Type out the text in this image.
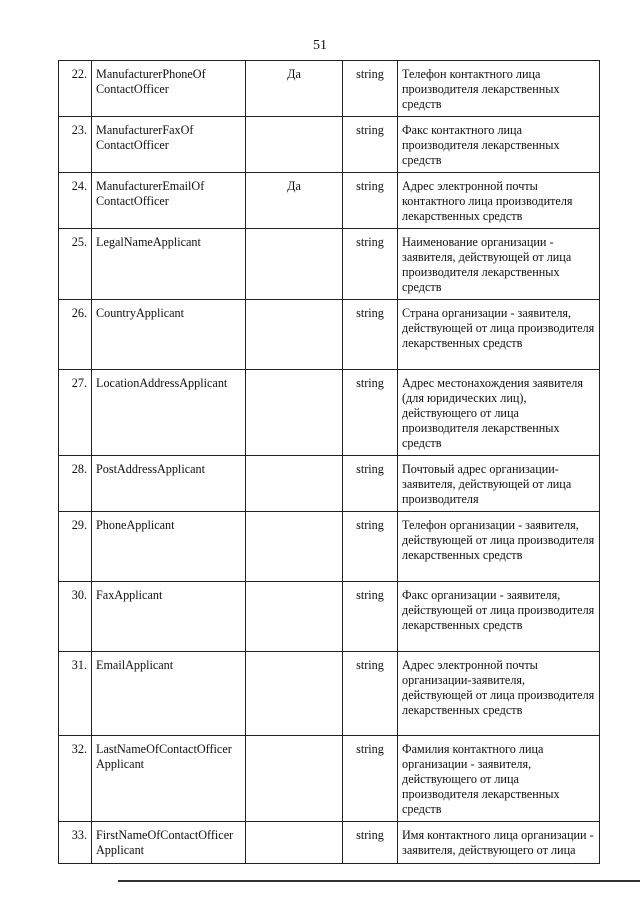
51
22.	ManufacturerPhoneOf ContactOfficer	Да	string	Телефон контактного лица производителя лекарственных средств
23.	ManufacturerFaxOf ContactOfficer		string	Факс контактного лица производителя лекарственных средств
24.	ManufacturerEmailOf ContactOfficer	Да	string	Адрес электронной почты контактного лица производителя лекарственных средств
25.	LegalNameApplicant		string	Наименование организации - заявителя, действующей от лица производителя лекарственных средств
26.	CountryApplicant		string	Страна организации - заявителя, действующей от лица производителя лекарственных средств
27.	LocationAddressApplicant		string	Адрес местонахождения заявителя (для юридических лиц), действующего от лица производителя лекарственных средств
28.	PostAddressApplicant		string	Почтовый адрес организации-заявителя, действующей от лица производителя
29.	PhoneApplicant		string	Телефон организации - заявителя, действующей от лица производителя лекарственных средств
30.	FaxApplicant		string	Факс организации - заявителя, действующей от лица производителя лекарственных средств
31.	EmailApplicant		string	Адрес электронной почты организации-заявителя, действующей от лица производителя лекарственных средств
32.	LastNameOfContactOfficer Applicant		string	Фамилия контактного лица организации - заявителя, действующего от лица производителя лекарственных средств
33.	FirstNameOfContactOfficer Applicant		string	Имя контактного лица организации - заявителя, действующего от лица
